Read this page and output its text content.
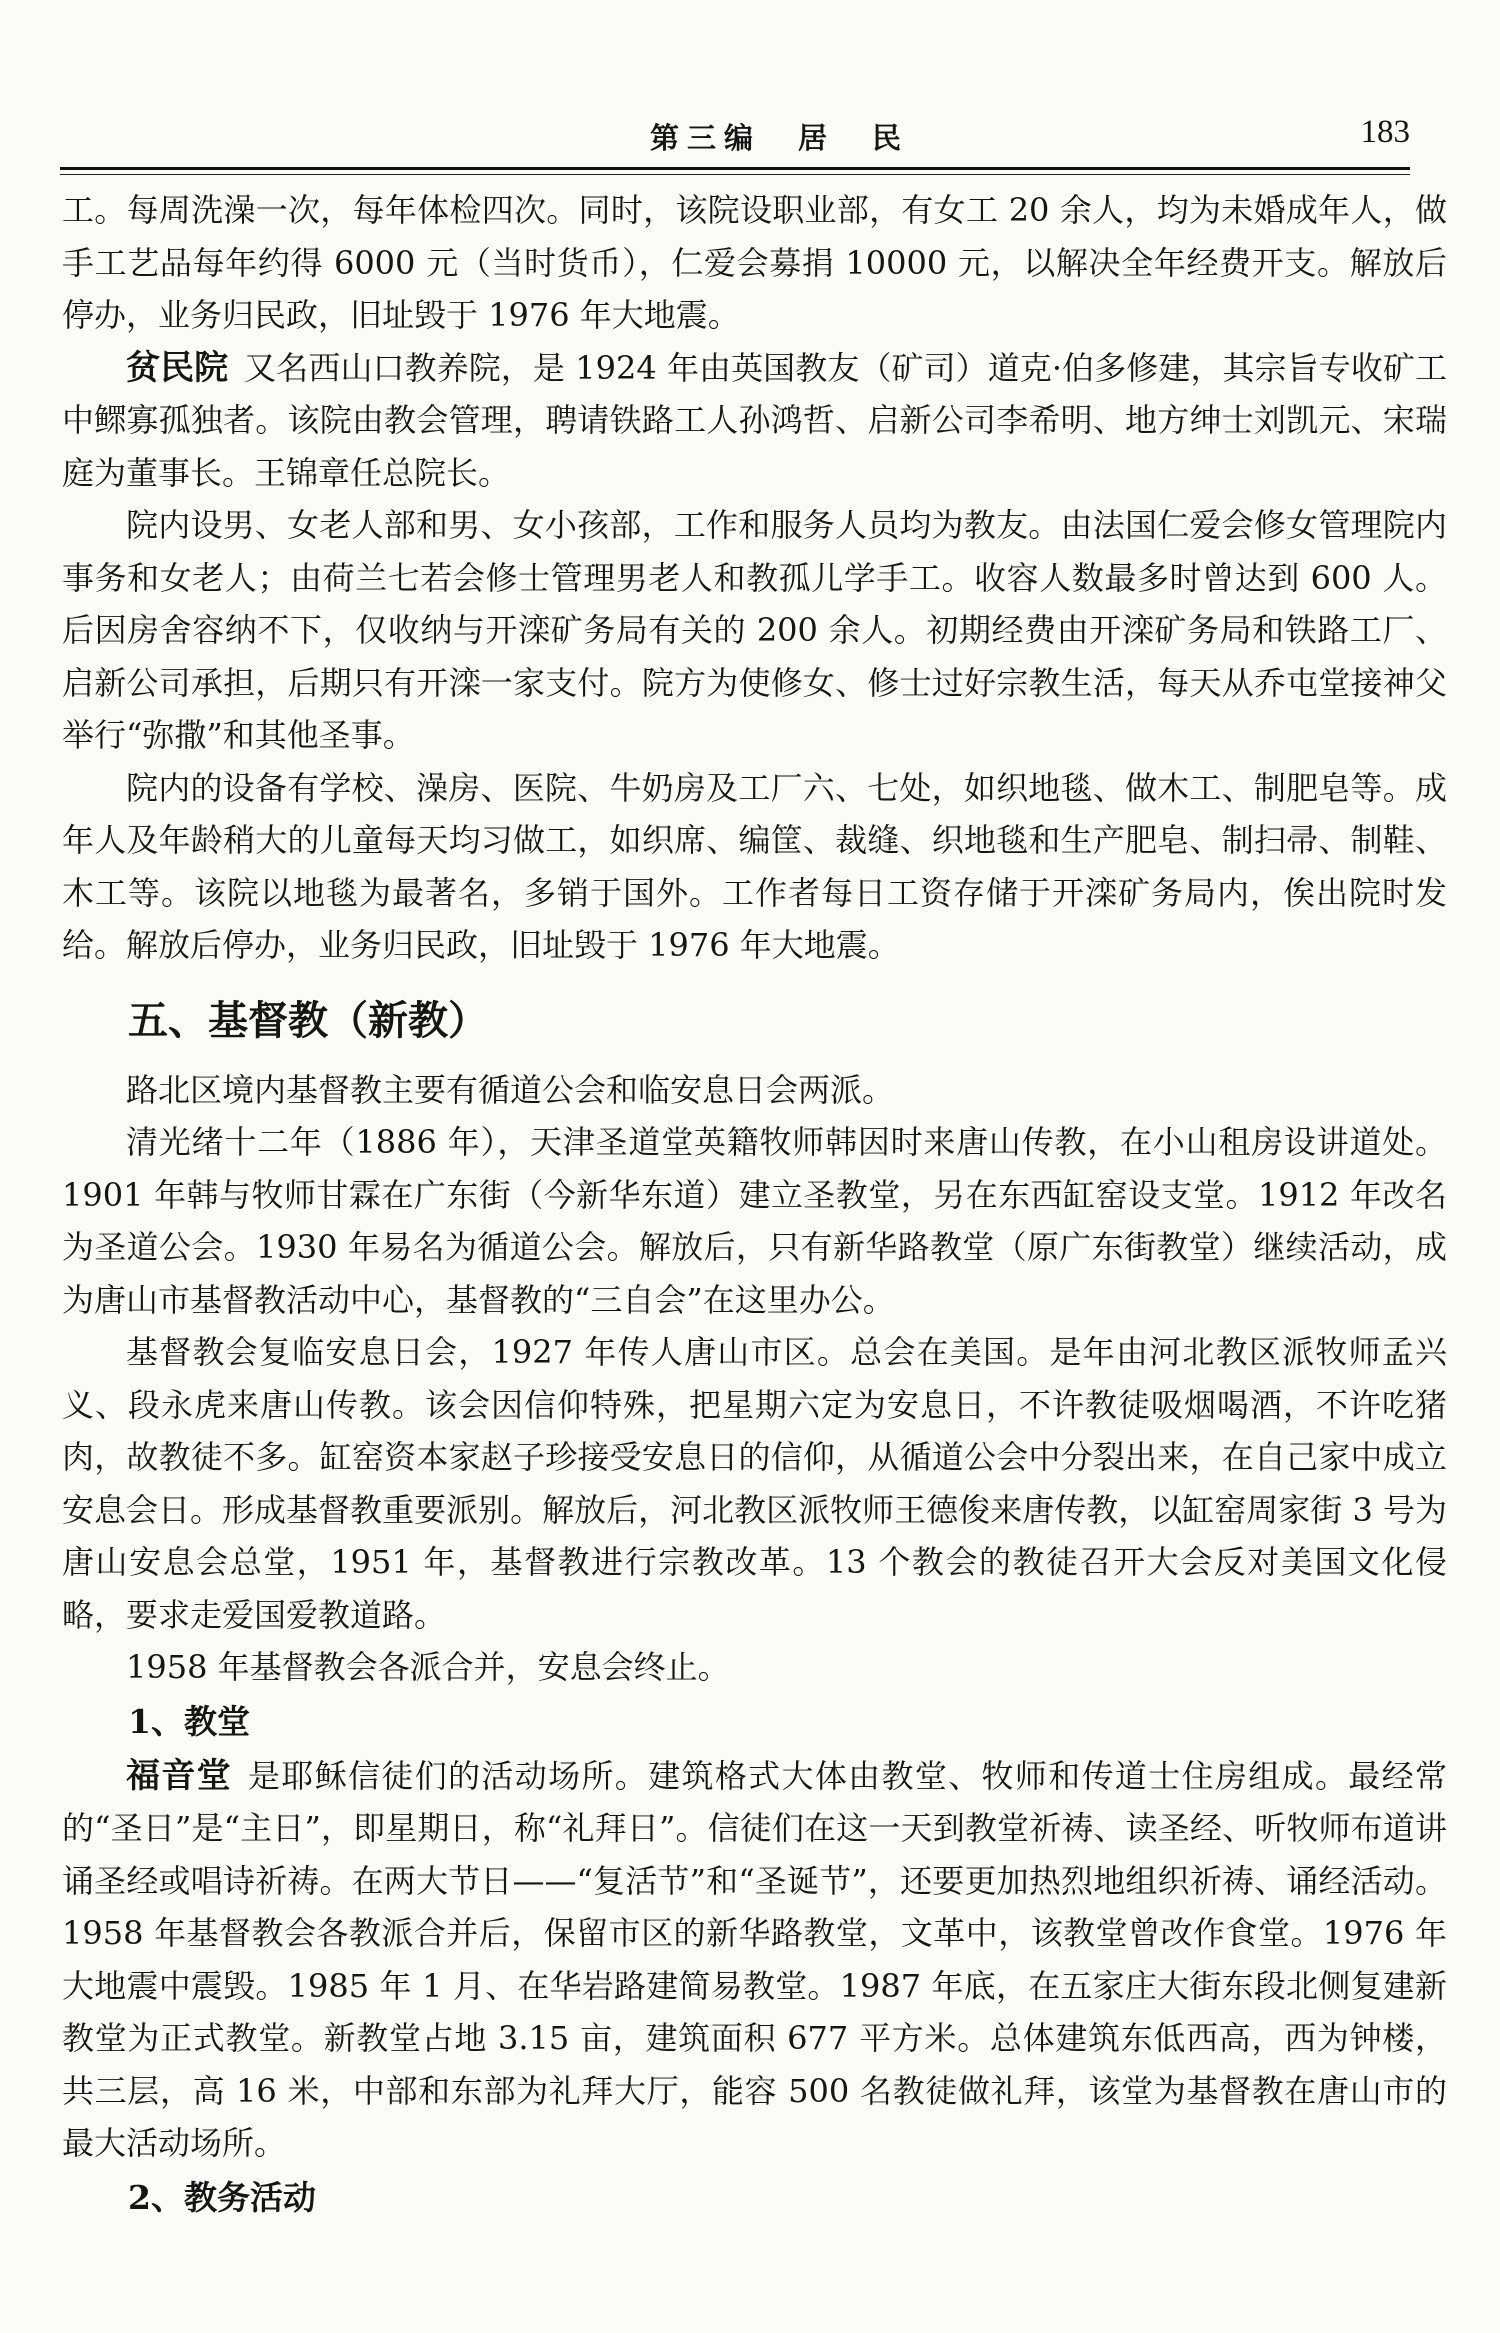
第三编　居　民	183

工。每周洗澡一次，每年体检四次。同时，该院设职业部，有女工 20 余人，均为未婚成年人，做手工艺品每年约得 6000 元（当时货币），仁爱会募捐 10000 元，以解决全年经费开支。解放后停办，业务归民政，旧址毁于 1976 年大地震。

贫民院 又名西山口教养院，是 1924 年由英国教友（矿司）道克·伯多修建，其宗旨专收矿工中鳏寡孤独者。该院由教会管理，聘请铁路工人孙鸿哲、启新公司李希明、地方绅士刘凯元、宋瑞庭为董事长。王锦章任总院长。

院内设男、女老人部和男、女小孩部，工作和服务人员均为教友。由法国仁爱会修女管理院内事务和女老人；由荷兰七若会修士管理男老人和教孤儿学手工。收容人数最多时曾达到 600 人。后因房舍容纳不下，仅收纳与开滦矿务局有关的 200 余人。初期经费由开滦矿务局和铁路工厂、启新公司承担，后期只有开滦一家支付。院方为使修女、修士过好宗教生活，每天从乔屯堂接神父举行“弥撒”和其他圣事。

院内的设备有学校、澡房、医院、牛奶房及工厂六、七处，如织地毯、做木工、制肥皂等。成年人及年龄稍大的儿童每天均习做工，如织席、编筐、裁缝、织地毯和生产肥皂、制扫帚、制鞋、木工等。该院以地毯为最著名，多销于国外。工作者每日工资存储于开滦矿务局内，俟出院时发给。解放后停办，业务归民政，旧址毁于 1976 年大地震。

五、基督教（新教）

路北区境内基督教主要有循道公会和临安息日会两派。

清光绪十二年（1886 年），天津圣道堂英籍牧师韩因时来唐山传教，在小山租房设讲道处。1901 年韩与牧师甘霖在广东街（今新华东道）建立圣教堂，另在东西缸窑设支堂。1912 年改名为圣道公会。1930 年易名为循道公会。解放后，只有新华路教堂（原广东街教堂）继续活动，成为唐山市基督教活动中心，基督教的“三自会”在这里办公。

基督教会复临安息日会，1927 年传人唐山市区。总会在美国。是年由河北教区派牧师孟兴义、段永虎来唐山传教。该会因信仰特殊，把星期六定为安息日，不许教徒吸烟喝酒，不许吃猪肉，故教徒不多。缸窑资本家赵子珍接受安息日的信仰，从循道公会中分裂出来，在自己家中成立安息会日。形成基督教重要派别。解放后，河北教区派牧师王德俊来唐传教，以缸窑周家街 3 号为唐山安息会总堂，1951 年，基督教进行宗教改革。13 个教会的教徒召开大会反对美国文化侵略，要求走爱国爱教道路。

1958 年基督教会各派合并，安息会终止。

1、教堂

福音堂 是耶稣信徒们的活动场所。建筑格式大体由教堂、牧师和传道士住房组成。最经常的“圣日”是“主日”，即星期日，称“礼拜日”。信徒们在这一天到教堂祈祷、读圣经、听牧师布道讲诵圣经或唱诗祈祷。在两大节日——“复活节”和“圣诞节”，还要更加热烈地组织祈祷、诵经活动。1958 年基督教会各教派合并后，保留市区的新华路教堂，文革中，该教堂曾改作食堂。1976 年大地震中震毁。1985 年 1 月、在华岩路建简易教堂。1987 年底，在五家庄大街东段北侧复建新教堂为正式教堂。新教堂占地 3.15 亩，建筑面积 677 平方米。总体建筑东低西高，西为钟楼，共三层，高 16 米，中部和东部为礼拜大厅，能容 500 名教徒做礼拜，该堂为基督教在唐山市的最大活动场所。

2、教务活动
